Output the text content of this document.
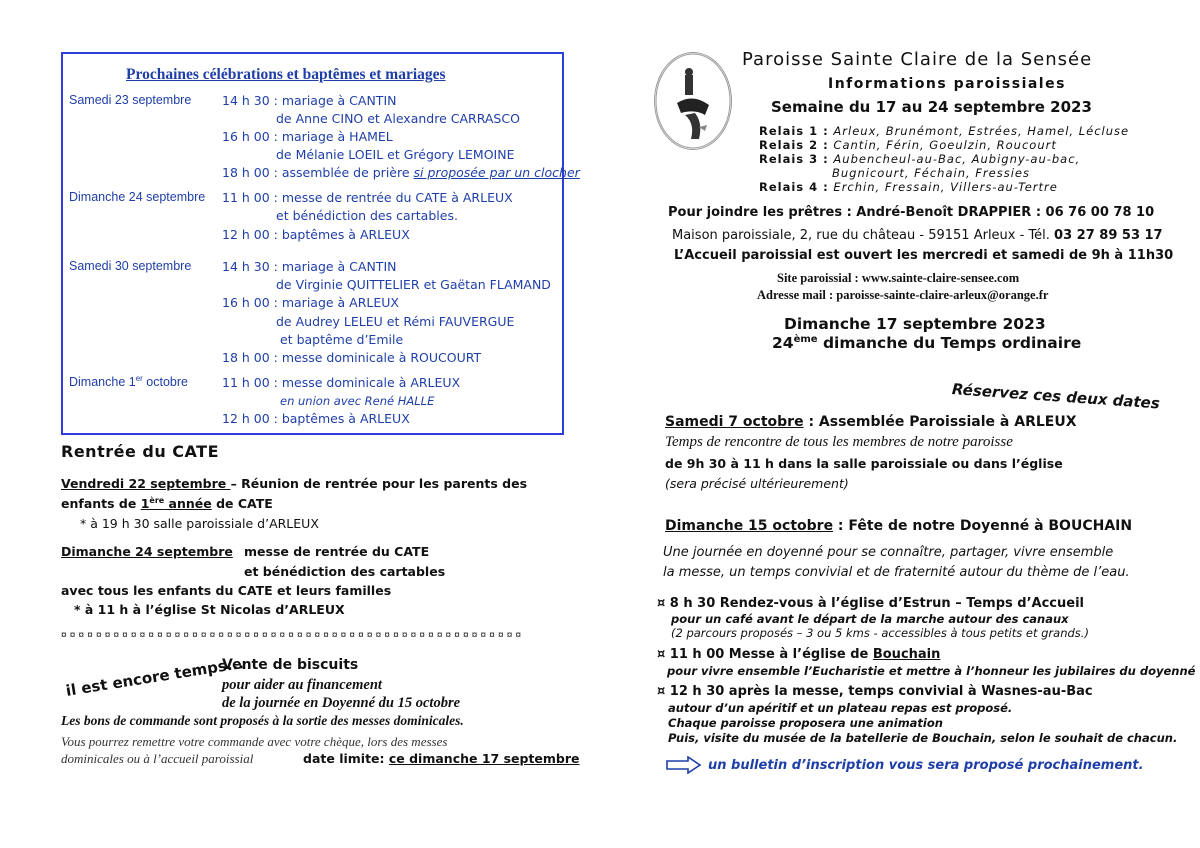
Prochaines célébrations et baptêmes et mariages
Samedi 23 septembre 14 h 30 : mariage à CANTIN
de Anne CINO et Alexandre CARRASCO
16 h 00 : mariage à HAMEL
de Mélanie LOEIL et Grégory LEMOINE
18 h 00 : assemblée de prière si proposée par un clocher
Dimanche 24 septembre 11 h 00 : messe de rentrée du CATE à ARLEUX
et bénédiction des cartables.
12 h 00 : baptêmes à ARLEUX
Samedi 30 septembre 14 h 30 : mariage à CANTIN
de Virginie QUITTELIER et Gaëtan FLAMAND
16 h 00 : mariage à ARLEUX
de Audrey LELEU et Rémi FAUVERGUE
et baptême d’Emile
18 h 00 : messe dominicale à ROUCOURT
Dimanche 1er octobre	11 h 00 : messe dominicale à ARLEUX
en union avec René HALLE
12 h 00 : baptêmes à ARLEUX
Rentrée du CATE
Vendredi 22 septembre – Réunion de rentrée pour les parents des
enfants de 1ère année de CATE
* à 19 h 30 salle paroissiale d’ARLEUX
Dimanche 24 septembre messe de rentrée du CATE
et bénédiction des cartables
avec tous les enfants du CATE et leurs familles
* à 11 h à l’église St Nicolas d’ARLEUX
¤ ¤ ¤ ¤ ¤ ¤ ¤ ¤ ¤ ¤ ¤ ¤ ¤ ¤ ¤ ¤ ¤ ¤ ¤ ¤ ¤ ¤ ¤ ¤ ¤ ¤ ¤ ¤ ¤ ¤ ¤ ¤ ¤ ¤ ¤ ¤ ¤ ¤ ¤ ¤ ¤ ¤ ¤ ¤ ¤ ¤ ¤ ¤ ¤ ¤ ¤ ¤ ¤
il est encore temps...
Vente de biscuits
pour aider au financement
de la journée en Doyenné du 15 octobre
Les bons de commande sont proposés à la sortie des messes dominicales.
Vous pourrez remettre votre commande avec votre chèque, lors des messes
dominicales ou à l’accueil paroissial	date limite: ce dimanche 17 septembre
Paroisse Sainte Claire de la Sensée
Informations paroissiales
Semaine du 17 au 24 septembre 2023
Relais 1 : Arleux, Brunémont, Estrées, Hamel, Lécluse
Relais 2 : Cantin, Férin, Goeulzin, Roucourt
Relais 3 : Aubencheul-au-Bac, Aubigny-au-bac,
Bugnicourt, Féchain, Fressies
Relais 4 : Erchin, Fressain, Villers-au-Tertre
Pour joindre les prêtres : André-Benoît DRAPPIER : 06 76 00 78 10
Maison paroissiale, 2, rue du château - 59151 Arleux - Tél. 03 27 89 53 17
L’Accueil paroissial est ouvert les mercredi et samedi de 9h à 11h30
Site paroissial : www.sainte-claire-sensee.com
Adresse mail : paroisse-sainte-claire-arleux@orange.fr
Dimanche 17 septembre 2023
24ème dimanche du Temps ordinaire
Réservez ces deux dates
Samedi 7 octobre : Assemblée Paroissiale à ARLEUX
Temps de rencontre de tous les membres de notre paroisse
de 9h 30 à 11 h dans la salle paroissiale ou dans l’église
(sera précisé ultérieurement)
Dimanche 15 octobre : Fête de notre Doyenné à BOUCHAIN
Une journée en doyenné pour se connaître, partager, vivre ensemble
la messe, un temps convivial et de fraternité autour du thème de l’eau.
¤ 8 h 30 Rendez-vous à l’église d’Estrun – Temps d’Accueil
pour un café avant le départ de la marche autour des canaux
(2 parcours proposés – 3 ou 5 kms - accessibles à tous petits et grands.)
¤ 11 h 00 Messe à l’église de Bouchain
pour vivre ensemble l’Eucharistie et mettre à l’honneur les jubilaires du doyenné
¤ 12 h 30 après la messe, temps convivial à Wasnes-au-Bac
autour d’un apéritif et un plateau repas est proposé.
Chaque paroisse proposera une animation
Puis, visite du musée de la batellerie de Bouchain, selon le souhait de chacun.
un bulletin d’inscription vous sera proposé prochainement.
